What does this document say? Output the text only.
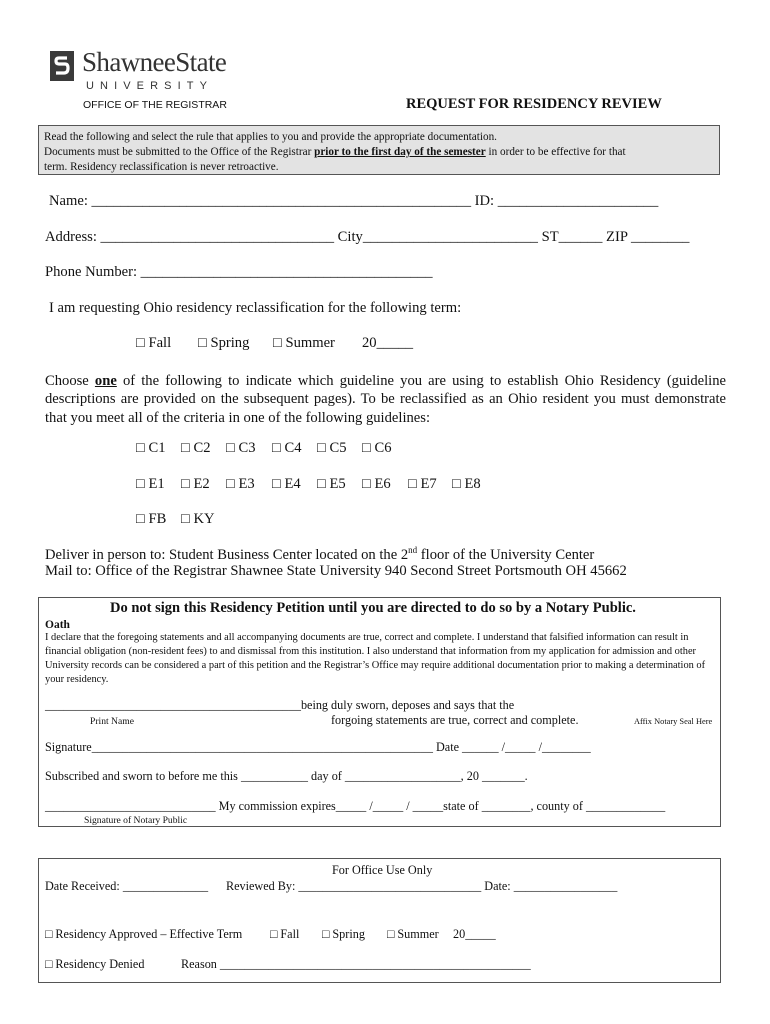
ShawneeState
UNIVERSITY
OFFICE OF THE REGISTRAR	REQUEST FOR RESIDENCY REVIEW
Read the following and select the rule that applies to you and provide the appropriate documentation.
Documents must be submitted to the Office of the Registrar prior to the first day of the semester in order to be effective for that
term. Residency reclassification is never retroactive.
Name: ____________________________________________________ ID: ______________________
Address: ________________________________ City________________________ ST______ ZIP ________
Phone Number: ________________________________________
I am requesting Ohio residency reclassification for the following term:
□ Fall □ Spring □ Summer 20_____
Choose one of the following to indicate which guideline you are using to establish Ohio Residency (guideline descriptions are provided on the subsequent pages). To be reclassified as an Ohio resident you must demonstrate that you meet all of the criteria in one of the following guidelines:
□ C1 □ C2 □ C3 □ C4 □ C5 □ C6
□ E1 □ E2 □ E3 □ E4 □ E5 □ E6 □ E7 □ E8
□ FB □ KY
Deliver in person to: Student Business Center located on the 2nd floor of the University Center
Mail to: Office of the Registrar Shawnee State University 940 Second Street Portsmouth OH 45662
Do not sign this Residency Petition until you are directed to do so by a Notary Public.
Oath
I declare that the foregoing statements and all accompanying documents are true, correct and complete. I understand that falsified information can result in financial obligation (non-resident fees) to and dismissal from this institution. I also understand that information from my application for admission and other University records can be considered a part of this petition and the Registrar’s Office may require additional documentation prior to making a determination of your residency.
__________________________________________being duly sworn, deposes and says that the
Print Name	forgoing statements are true, correct and complete.	Affix Notary Seal Here
Signature________________________________________________________ Date ______ /_____ /________
Subscribed and sworn to before me this ___________ day of ___________________, 20 _______.
____________________________ My commission expires_____ /_____ / _____state of ________, county of _____________
Signature of Notary Public
For Office Use Only
Date Received: ______________ Reviewed By: ______________________________ Date: _________________
□ Residency Approved – Effective Term □ Fall □ Spring □ Summer 20_____
□ Residency Denied	Reason ___________________________________________________
